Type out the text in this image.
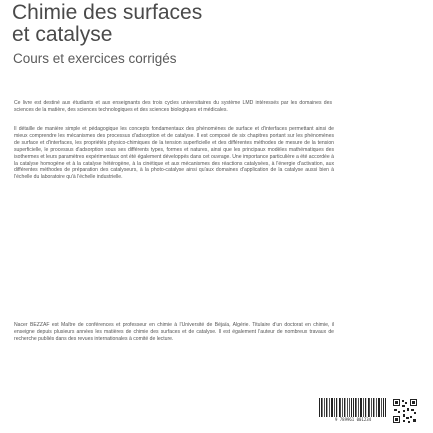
Chimie des surfaces
et catalyse

Cours et exercices corrigés

Ce livre est destiné aux étudiants et aux enseignants des trois cycles universitaires du système LMD intéressés par les domaines des sciences de la matière, des sciences technologiques et des sciences biologiques et médicales.

Il détaille de manière simple et pédagogique les concepts fondamentaux des phénomènes de surface et d'interfaces permettant ainsi de mieux comprendre les mécanismes des processus d'adsorption et de catalyse. Il est composé de six chapitres portant sur les phénomènes de surface et d'interfaces, les propriétés physico-chimiques de la tension superficielle et des différentes méthodes de mesure de la tension superficielle, le processus d'adsorption sous ses différents types, formes et natures, ainsi que les principaux modèles mathématiques des isothermes et leurs paramètres expérimentaux ont été également développés dans cet ouvrage. Une importance particulière a été accordée à la catalyse homogène et à la catalyse hétérogène, à la cinétique et aux mécanismes des réactions catalysées, à l'énergie d'activation, aux différentes méthodes de préparation des catalyseurs, à la photo-catalyse ainsi qu'aux domaines d'application de la catalyse aussi bien à l'échelle du laboratoire qu'à l'échelle industrielle.

Nacer BEZZAF est Maître de conférences et professeur en chimie à l'Université de Béjaïa, Algérie. Titulaire d'un doctorat en chimie, il enseigne depuis plusieurs années les matières de chimie des surfaces et de catalyse. Il est également l'auteur de nombreux travaux de recherche publiés dans des revues internationales à comité de lecture.

9 789961 001234
